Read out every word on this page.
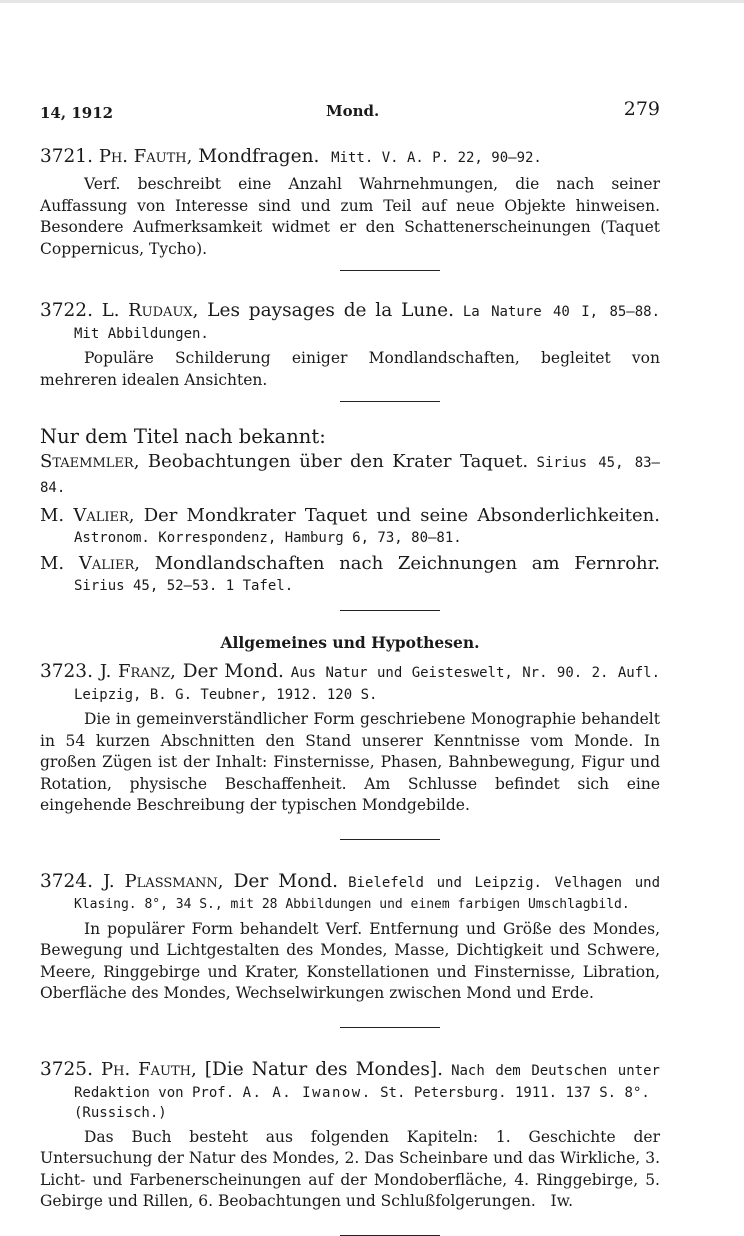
14, 1912	Mond.	279
3721. Ph. Fauth, Mondfragen. Mitt. V. A. P. 22, 90—92.

Verf. beschreibt eine Anzahl Wahrnehmungen, die nach seiner Auffassung von Interesse sind und zum Teil auf neue Objekte hinweisen. Besondere Aufmerksamkeit widmet er den Schattenerscheinungen (Taquet Coppernicus, Tycho).

3722. L. Rudaux, Les paysages de la Lune. La Nature 40 I, 85—88.
Mit Abbildungen.

Populäre Schilderung einiger Mondlandschaften, begleitet von mehreren idealen Ansichten.

Nur dem Titel nach bekannt:

Staemmler, Beobachtungen über den Krater Taquet. Sirius 45, 83—84.
M. Valier, Der Mondkrater Taquet und seine Absonderlichkeiten.
Astronom. Korrespondenz, Hamburg 6, 73, 80—81.
M. Valier, Mondlandschaften nach Zeichnungen am Fernrohr.
Sirius 45, 52—53. 1 Tafel.
Allgemeines und Hypothesen.
3723. J. Franz, Der Mond. Aus Natur und Geisteswelt, Nr. 90. 2. Aufl.
Leipzig, B. G. Teubner, 1912. 120 S.

Die in gemeinverständlicher Form geschriebene Monographie behandelt in 54 kurzen Abschnitten den Stand unserer Kenntnisse vom Monde. In großen Zügen ist der Inhalt: Finsternisse, Phasen, Bahnbewegung, Figur und Rotation, physische Beschaffenheit. Am Schlusse befindet sich eine eingehende Beschreibung der typischen Mondgebilde.

3724. J. Plassmann, Der Mond. Bielefeld und Leipzig. Velhagen und
Klasing. 8°, 34 S., mit 28 Abbildungen und einem farbigen Umschlagbild.

In populärer Form behandelt Verf. Entfernung und Größe des Mondes, Bewegung und Lichtgestalten des Mondes, Masse, Dichtigkeit und Schwere, Meere, Ringgebirge und Krater, Konstellationen und Finsternisse, Libration, Oberfläche des Mondes, Wechselwirkungen zwischen Mond und Erde.

3725. Ph. Fauth, [Die Natur des Mondes]. Nach dem Deutschen unter
Redaktion von Prof. A. A. Iwanow. St. Petersburg. 1911. 137 S. 8°.
(Russisch.)

Das Buch besteht aus folgenden Kapiteln: 1. Geschichte der Untersuchung der Natur des Mondes, 2. Das Scheinbare und das Wirkliche, 3. Licht- und Farbenerscheinungen auf der Mondoberfläche, 4. Ringgebirge, 5. Gebirge und Rillen, 6. Beobachtungen und Schlußfolgerungen. Iw.
